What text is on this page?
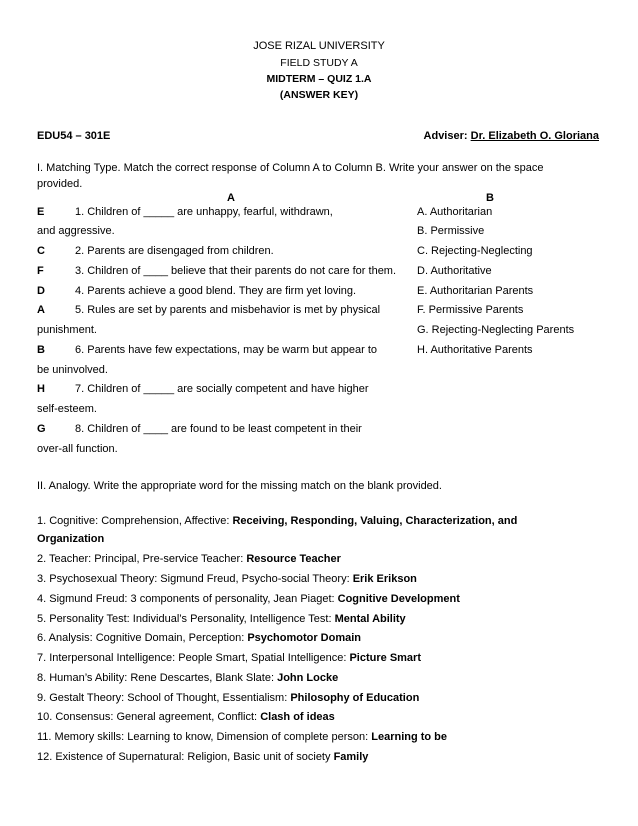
JOSE RIZAL UNIVERSITY
FIELD STUDY A
MIDTERM – QUIZ 1.A
(ANSWER KEY)
EDU54 – 301E	Adviser: Dr. Elizabeth O. Gloriana
I. Matching Type. Match the correct response of Column A to Column B. Write your answer on the space
provided.
A	B
E	1. Children of _____ are unhappy, fearful, withdrawn,
and aggressive.
C	2. Parents are disengaged from children.
F	3. Children of ____ believe that their parents do not care for them.
D	4. Parents achieve a good blend. They are firm yet loving.
A	5. Rules are set by parents and misbehavior is met by physical
punishment.
B	6. Parents have few expectations, may be warm but appear to
be uninvolved.
H	7. Children of _____ are socially competent and have higher
self-esteem.
G	8. Children of ____ are found to be least competent in their
over-all function.
A. Authoritarian
B. Permissive
C. Rejecting-Neglecting
D. Authoritative
E. Authoritarian Parents
F. Permissive Parents
G. Rejecting-Neglecting Parents
H. Authoritative Parents
II. Analogy. Write the appropriate word for the missing match on the blank provided.
1. Cognitive: Comprehension, Affective: Receiving, Responding, Valuing, Characterization, and
Organization
2. Teacher: Principal, Pre-service Teacher: Resource Teacher
3. Psychosexual Theory: Sigmund Freud, Psycho-social Theory: Erik Erikson
4. Sigmund Freud: 3 components of personality, Jean Piaget: Cognitive Development
5. Personality Test: Individual’s Personality, Intelligence Test: Mental Ability
6. Analysis: Cognitive Domain, Perception: Psychomotor Domain
7. Interpersonal Intelligence: People Smart, Spatial Intelligence: Picture Smart
8. Human’s Ability: Rene Descartes, Blank Slate: John Locke
9. Gestalt Theory: School of Thought, Essentialism: Philosophy of Education
10. Consensus: General agreement, Conflict: Clash of ideas
11. Memory skills: Learning to know, Dimension of complete person: Learning to be
12. Existence of Supernatural: Religion, Basic unit of society Family
